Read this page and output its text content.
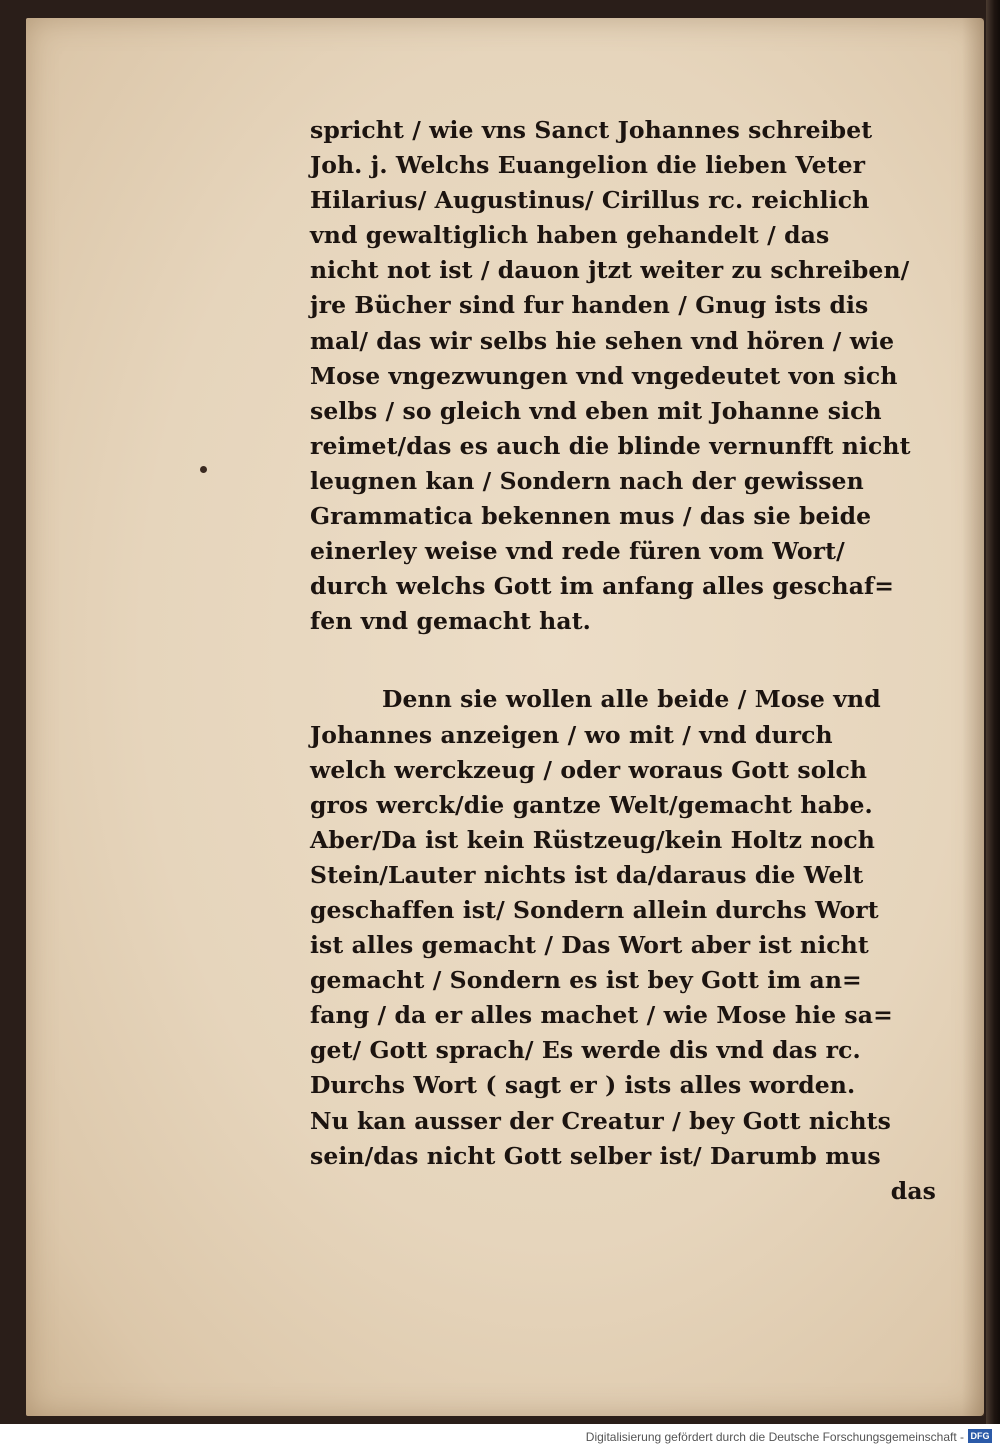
spricht / wie vns Sanct Johannes schreibet
Joh. j. Welchs Euangelion die lieben Veter
Hilarius/ Augustinus/ Cirillus rc. reichlich
vnd gewaltiglich haben gehandelt / das
nicht not ist / dauon jtzt weiter zu schreiben/
jre Bücher sind fur handen / Gnug ists dis
mal/ das wir selbs hie sehen vnd hören / wie
Mose vngezwungen vnd vngedeutet von sich
selbs / so gleich vnd eben mit Johanne sich
reimet/das es auch die blinde vernunfft nicht
leugnen kan / Sondern nach der gewissen
Grammatica bekennen mus / das sie beide
einerley weise vnd rede füren vom Wort/
durch welchs Gott im anfang alles geschaf=
fen vnd gemacht hat.
Denn sie wollen alle beide / Mose vnd
Johannes anzeigen / wo mit / vnd durch
welch werckzeug / oder woraus Gott solch
gros werck/die gantze Welt/gemacht habe.
Aber/Da ist kein Rüstzeug/kein Holtz noch
Stein/Lauter nichts ist da/daraus die Welt
geschaffen ist/ Sondern allein durchs Wort
ist alles gemacht / Das Wort aber ist nicht
gemacht / Sondern es ist bey Gott im an=
fang / da er alles machet / wie Mose hie sa=
get/ Gott sprach/ Es werde dis vnd das rc.
Durchs Wort ( sagt er ) ists alles worden.
Nu kan ausser der Creatur / bey Gott nichts
sein/das nicht Gott selber ist/ Darumb mus
das
Digitalisierung gefördert durch die Deutsche Forschungsgemeinschaft - DFG
